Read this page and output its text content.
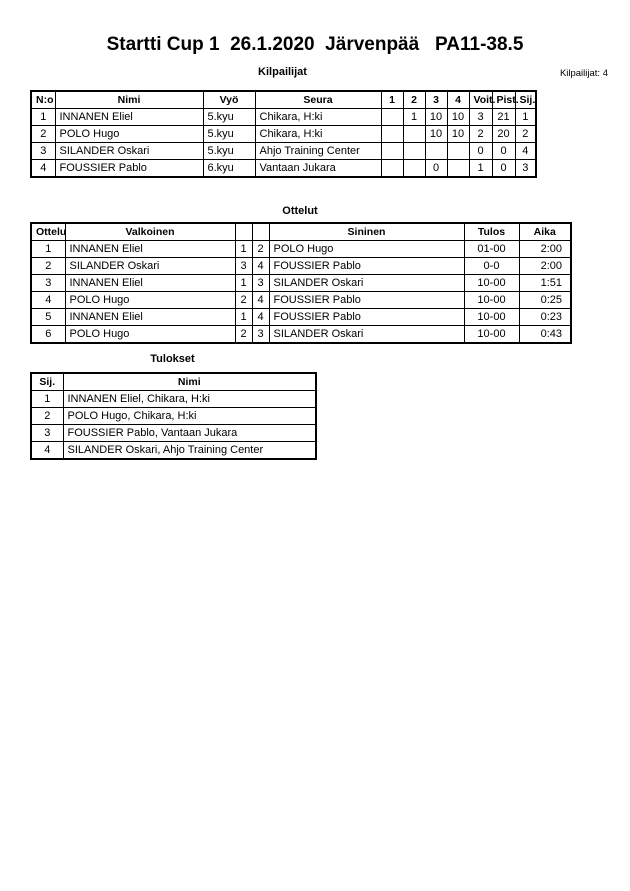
Startti Cup 1  26.1.2020  Järvenpää   PA11-38.5
Kilpailijat	Kilpailijat: 4
N:o	Nimi	Vyö	Seura	1	2	3	4	Voit.	Pist.	Sij.
1	INNANEN Eliel	5.kyu	Chikara, H:ki		1	10	10	3	21	1
2	POLO Hugo	5.kyu	Chikara, H:ki			10	10	2	20	2
3	SILANDER Oskari	5.kyu	Ahjo Training Center					0	0	4
4	FOUSSIER Pablo	6.kyu	Vantaan Jukara			0		1	0	3
Ottelut
Ottelu	Valkoinen			Sininen	Tulos	Aika
1	INNANEN Eliel	1	2	POLO Hugo	01-00	2:00
2	SILANDER Oskari	3	4	FOUSSIER Pablo	0-0	2:00
3	INNANEN Eliel	1	3	SILANDER Oskari	10-00	1:51
4	POLO Hugo	2	4	FOUSSIER Pablo	10-00	0:25
5	INNANEN Eliel	1	4	FOUSSIER Pablo	10-00	0:23
6	POLO Hugo	2	3	SILANDER Oskari	10-00	0:43
Tulokset
Sij.	Nimi
1	INNANEN Eliel, Chikara, H:ki
2	POLO Hugo, Chikara, H:ki
3	FOUSSIER Pablo, Vantaan Jukara
4	SILANDER Oskari, Ahjo Training Center
